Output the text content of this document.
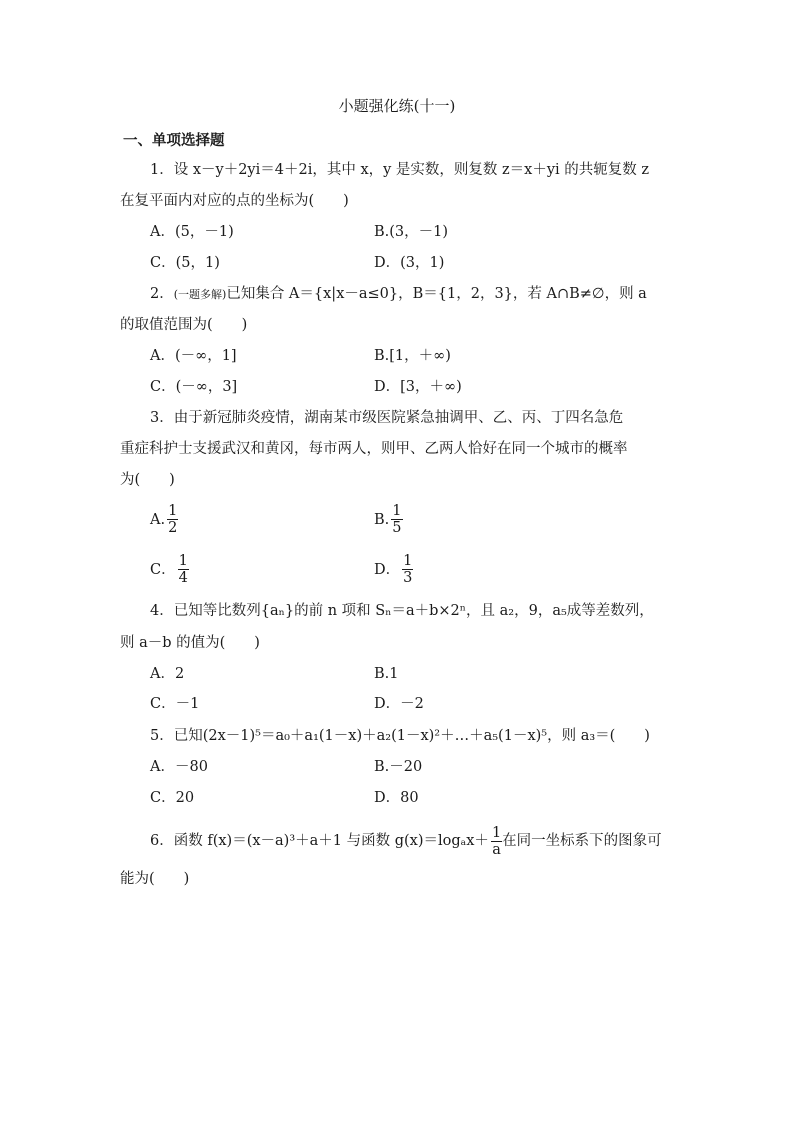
小题强化练(十一)
一、单项选择题
1．设 x－y＋2yi＝4＋2i，其中 x，y 是实数，则复数 z＝x＋yi 的共轭复数 z
在复平面内对应的点的坐标为(　　)
A．(5，－1)	B.(3，－1)
C．(5，1)	D．(3，1)
2．(一题多解)已知集合 A＝{x|x－a≤0}，B＝{1，2，3}，若 A∩B≠∅，则 a
的取值范围为(　　)
A．(－∞，1]	B.[1，＋∞)
C．(－∞，3]	D．[3，＋∞)
3．由于新冠肺炎疫情，湖南某市级医院紧急抽调甲、乙、丙、丁四名急危
重症科护士支援武汉和黄冈，每市两人，则甲、乙两人恰好在同一个城市的概率
为(　　)
A. $\frac{1}{2}$	B. $\frac{1}{5}$
C． $\frac{1}{4}$	D． $\frac{1}{3}$
4．已知等比数列{aₙ}的前 n 项和 Sₙ＝a＋b×2ⁿ，且 a₂，9，a₅成等差数列，
则 a－b 的值为(　　)
A．2	B.1
C．－1	D．－2
5．已知(2x－1)⁵＝a₀＋a₁(1－x)＋a₂(1－x)²＋…＋a₅(1－x)⁵，则 a₃＝(　　)
A．－80	B.－20
C．20	D．80
6．函数 f(x)＝(x－a)³＋a＋1 与函数 $g(x)=\log_ax+ \frac{1}{a}$ 在同一坐标系下的图象可
能为(　　)
